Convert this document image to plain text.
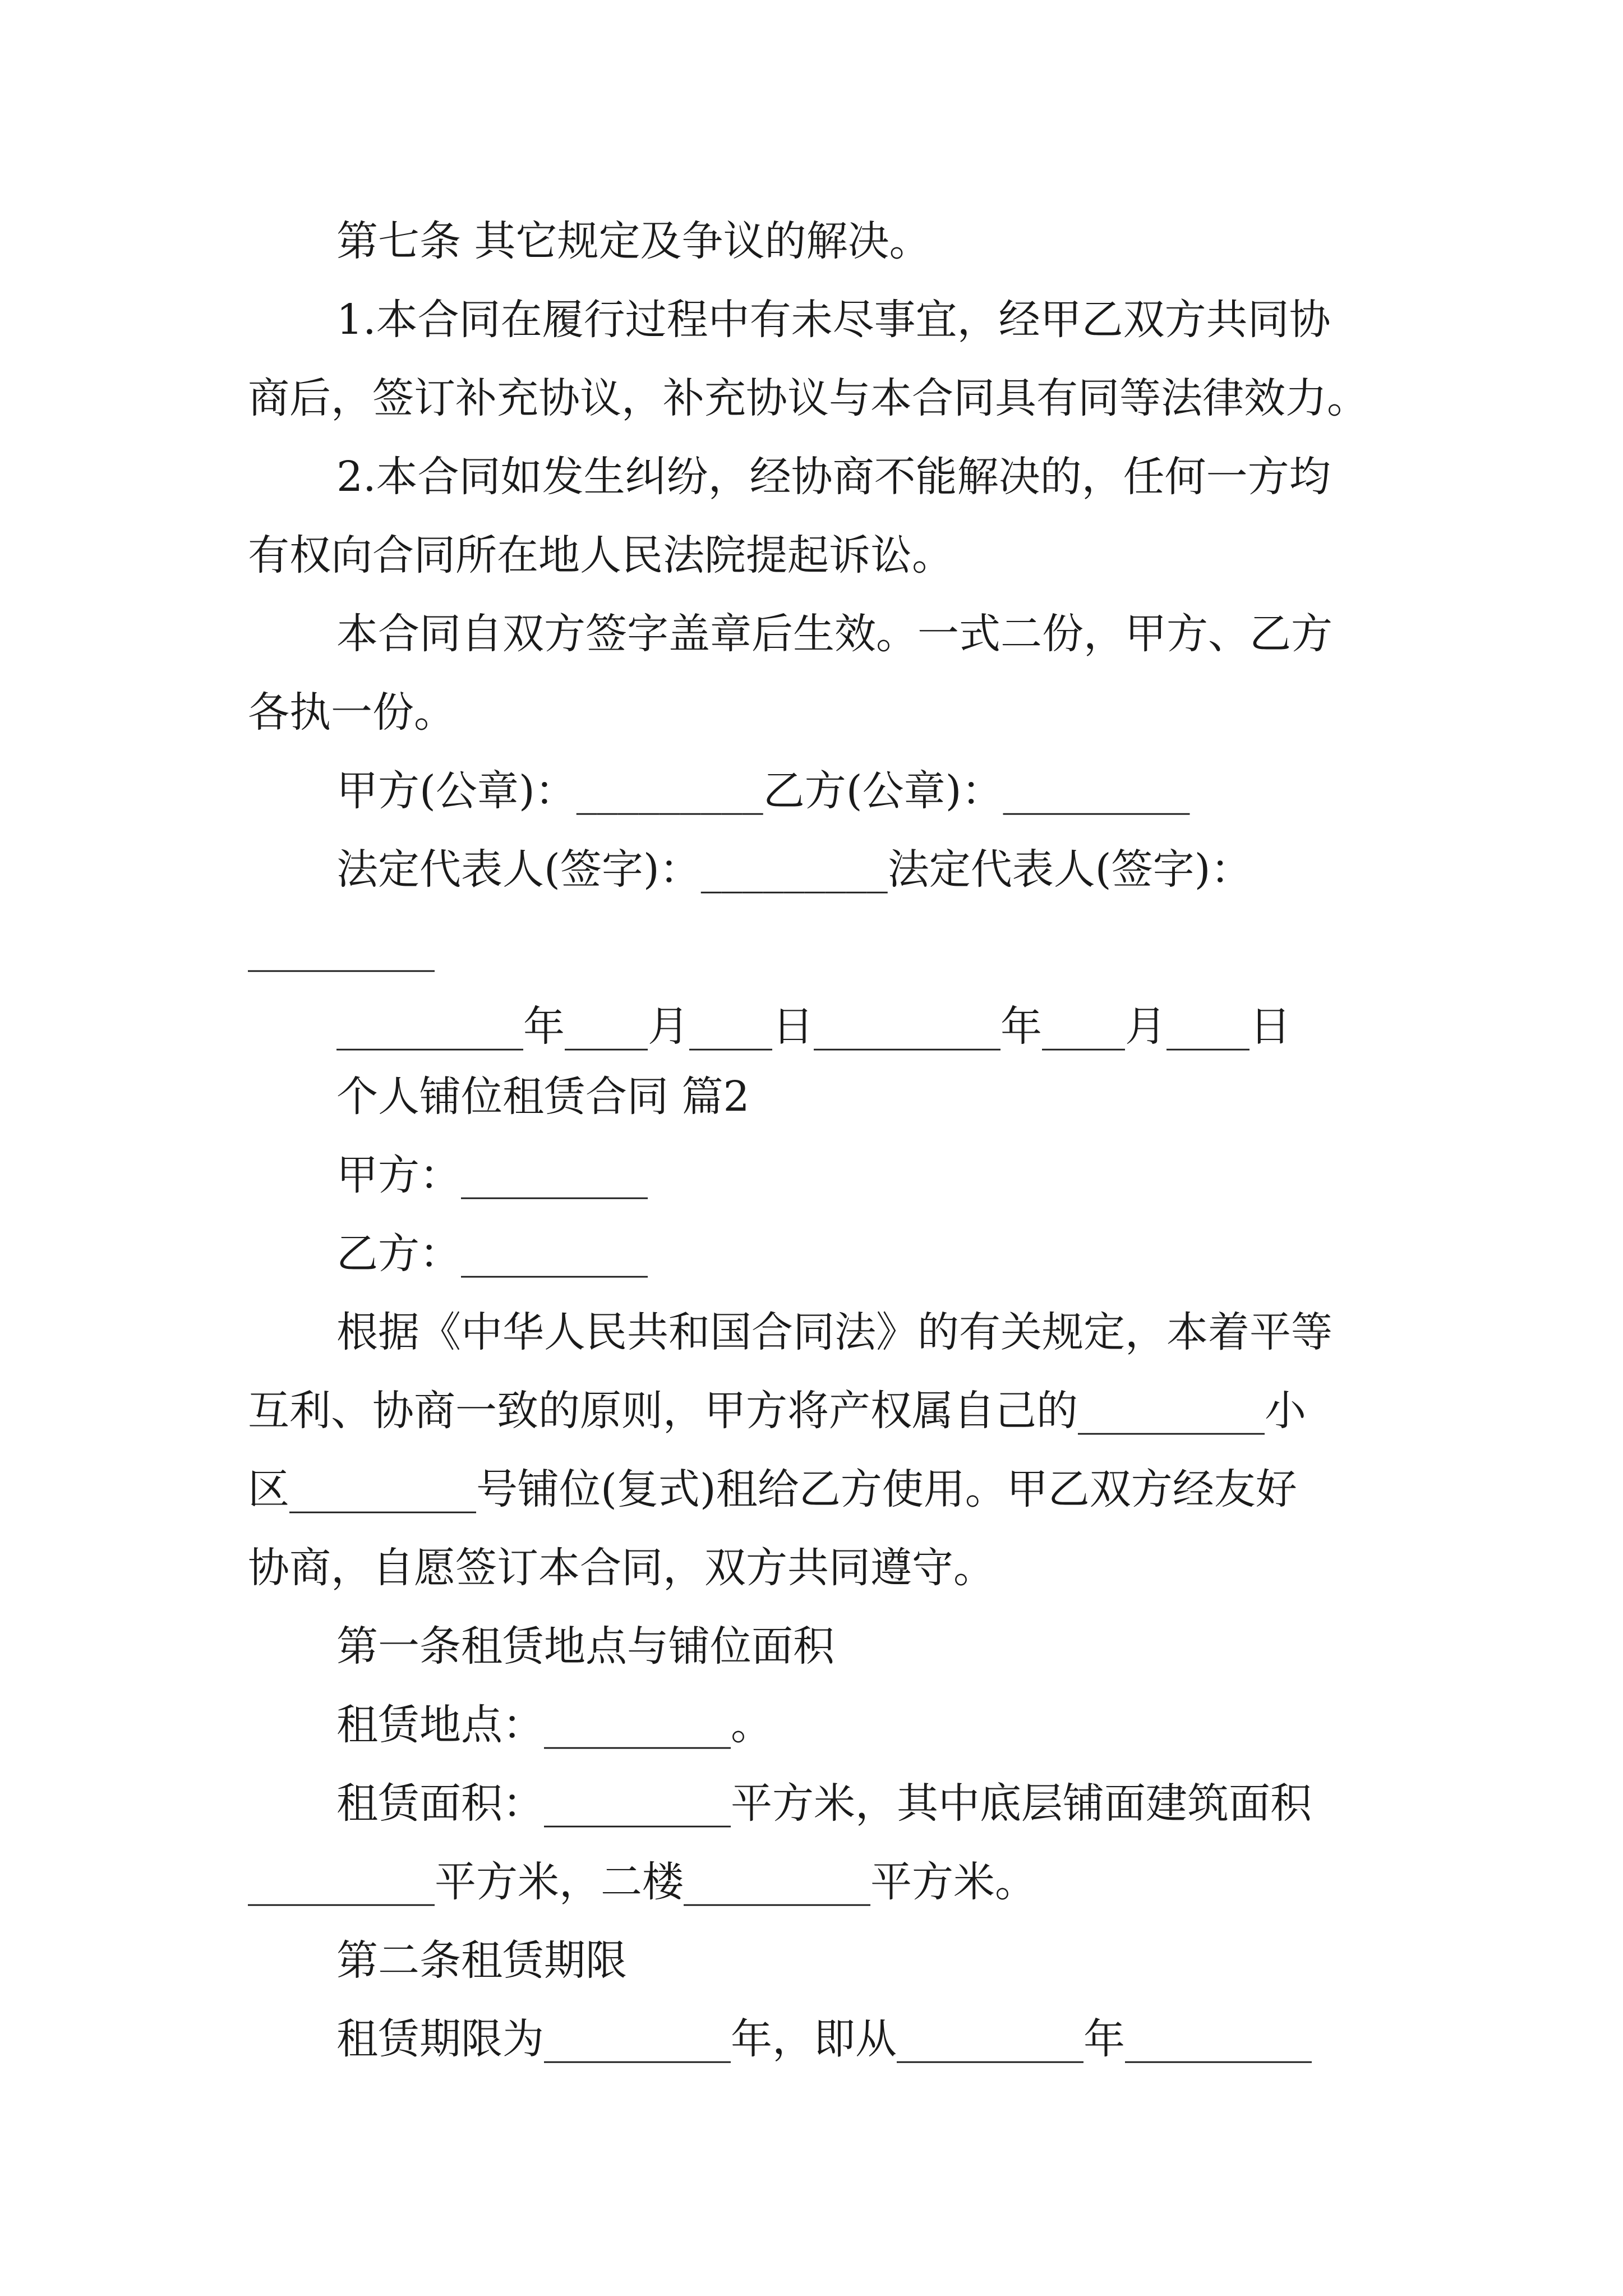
第七条 其它规定及争议的解决。
1.本合同在履行过程中有未尽事宜，经甲乙双方共同协
商后，签订补充协议，补充协议与本合同具有同等法律效力。
2.本合同如发生纠纷，经协商不能解决的，任何一方均
有权向合同所在地人民法院提起诉讼。
本合同自双方签字盖章后生效。一式二份，甲方、乙方
各执一份。
甲方(公章)：_________乙方(公章)：_________
法定代表人(签字)：_________法定代表人(签字)：
_________
_________年____月____日_________年____月____日
个人铺位租赁合同 篇2
甲方：_________
乙方：_________
根据《中华人民共和国合同法》的有关规定，本着平等
互利、协商一致的原则，甲方将产权属自己的_________小
区_________号铺位(复式)租给乙方使用。甲乙双方经友好
协商，自愿签订本合同，双方共同遵守。
第一条租赁地点与铺位面积
租赁地点：_________。
租赁面积：_________平方米，其中底层铺面建筑面积
_________平方米，二楼_________平方米。
第二条租赁期限
租赁期限为_________年，即从_________年_________
